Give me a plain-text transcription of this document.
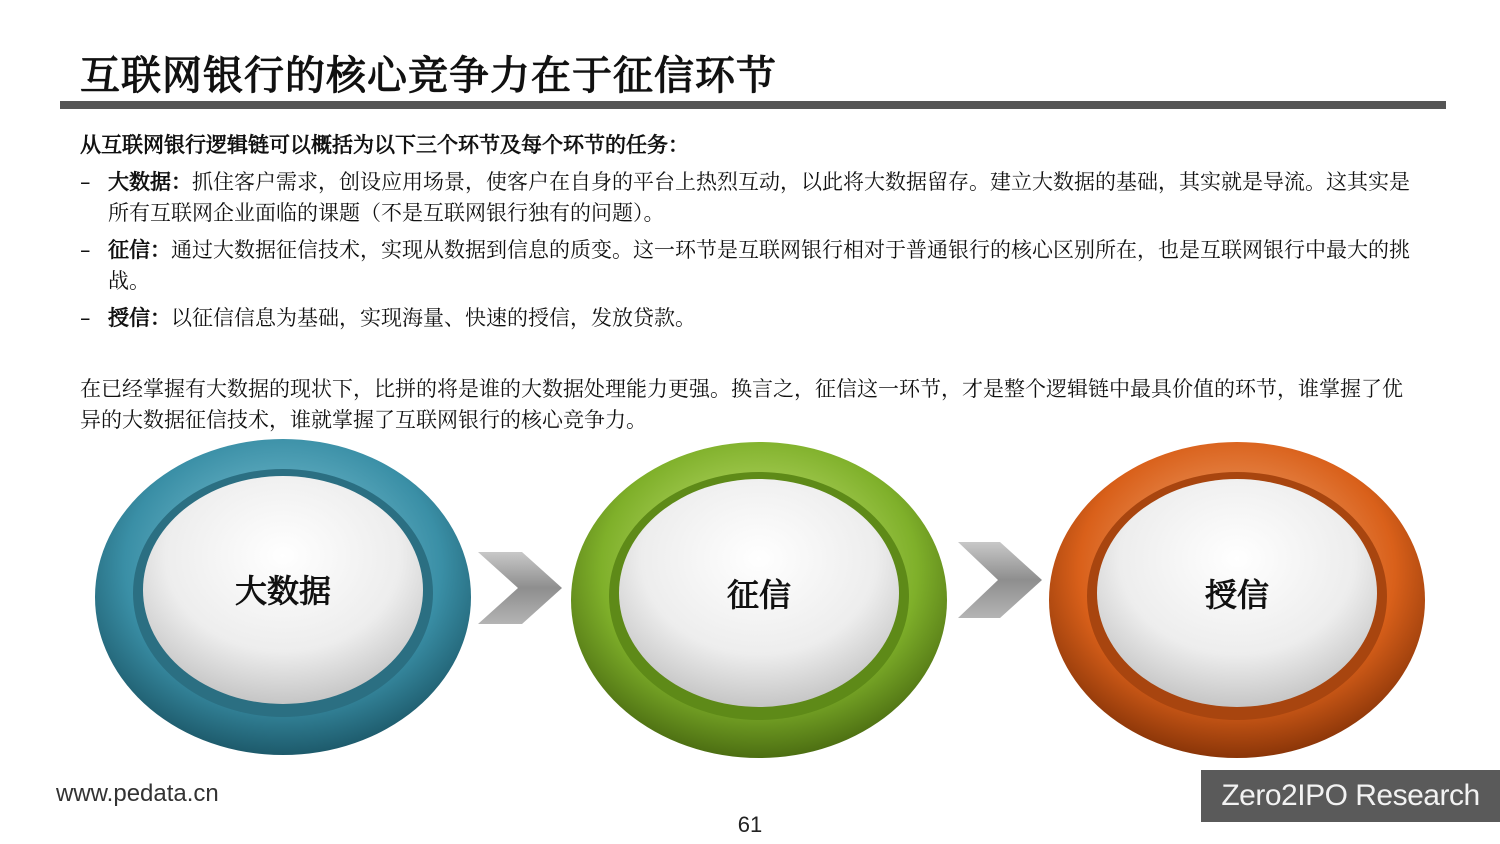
互联网银行的核心竞争力在于征信环节
从互联网银行逻辑链可以概括为以下三个环节及每个环节的任务：
– 大数据：抓住客户需求，创设应用场景，使客户在自身的平台上热烈互动，以此将大数据留存。建立大数据的基础，其实就是导流。这其实是所有互联网企业面临的课题（不是互联网银行独有的问题）。
– 征信：通过大数据征信技术，实现从数据到信息的质变。这一环节是互联网银行相对于普通银行的核心区别所在，也是互联网银行中最大的挑战。
– 授信：以征信信息为基础，实现海量、快速的授信，发放贷款。
在已经掌握有大数据的现状下，比拼的将是谁的大数据处理能力更强。换言之，征信这一环节，才是整个逻辑链中最具价值的环节，谁掌握了优异的大数据征信技术，谁就掌握了互联网银行的核心竞争力。
大数据	征信	授信
www.pedata.cn
61
Zero2IPO Research
